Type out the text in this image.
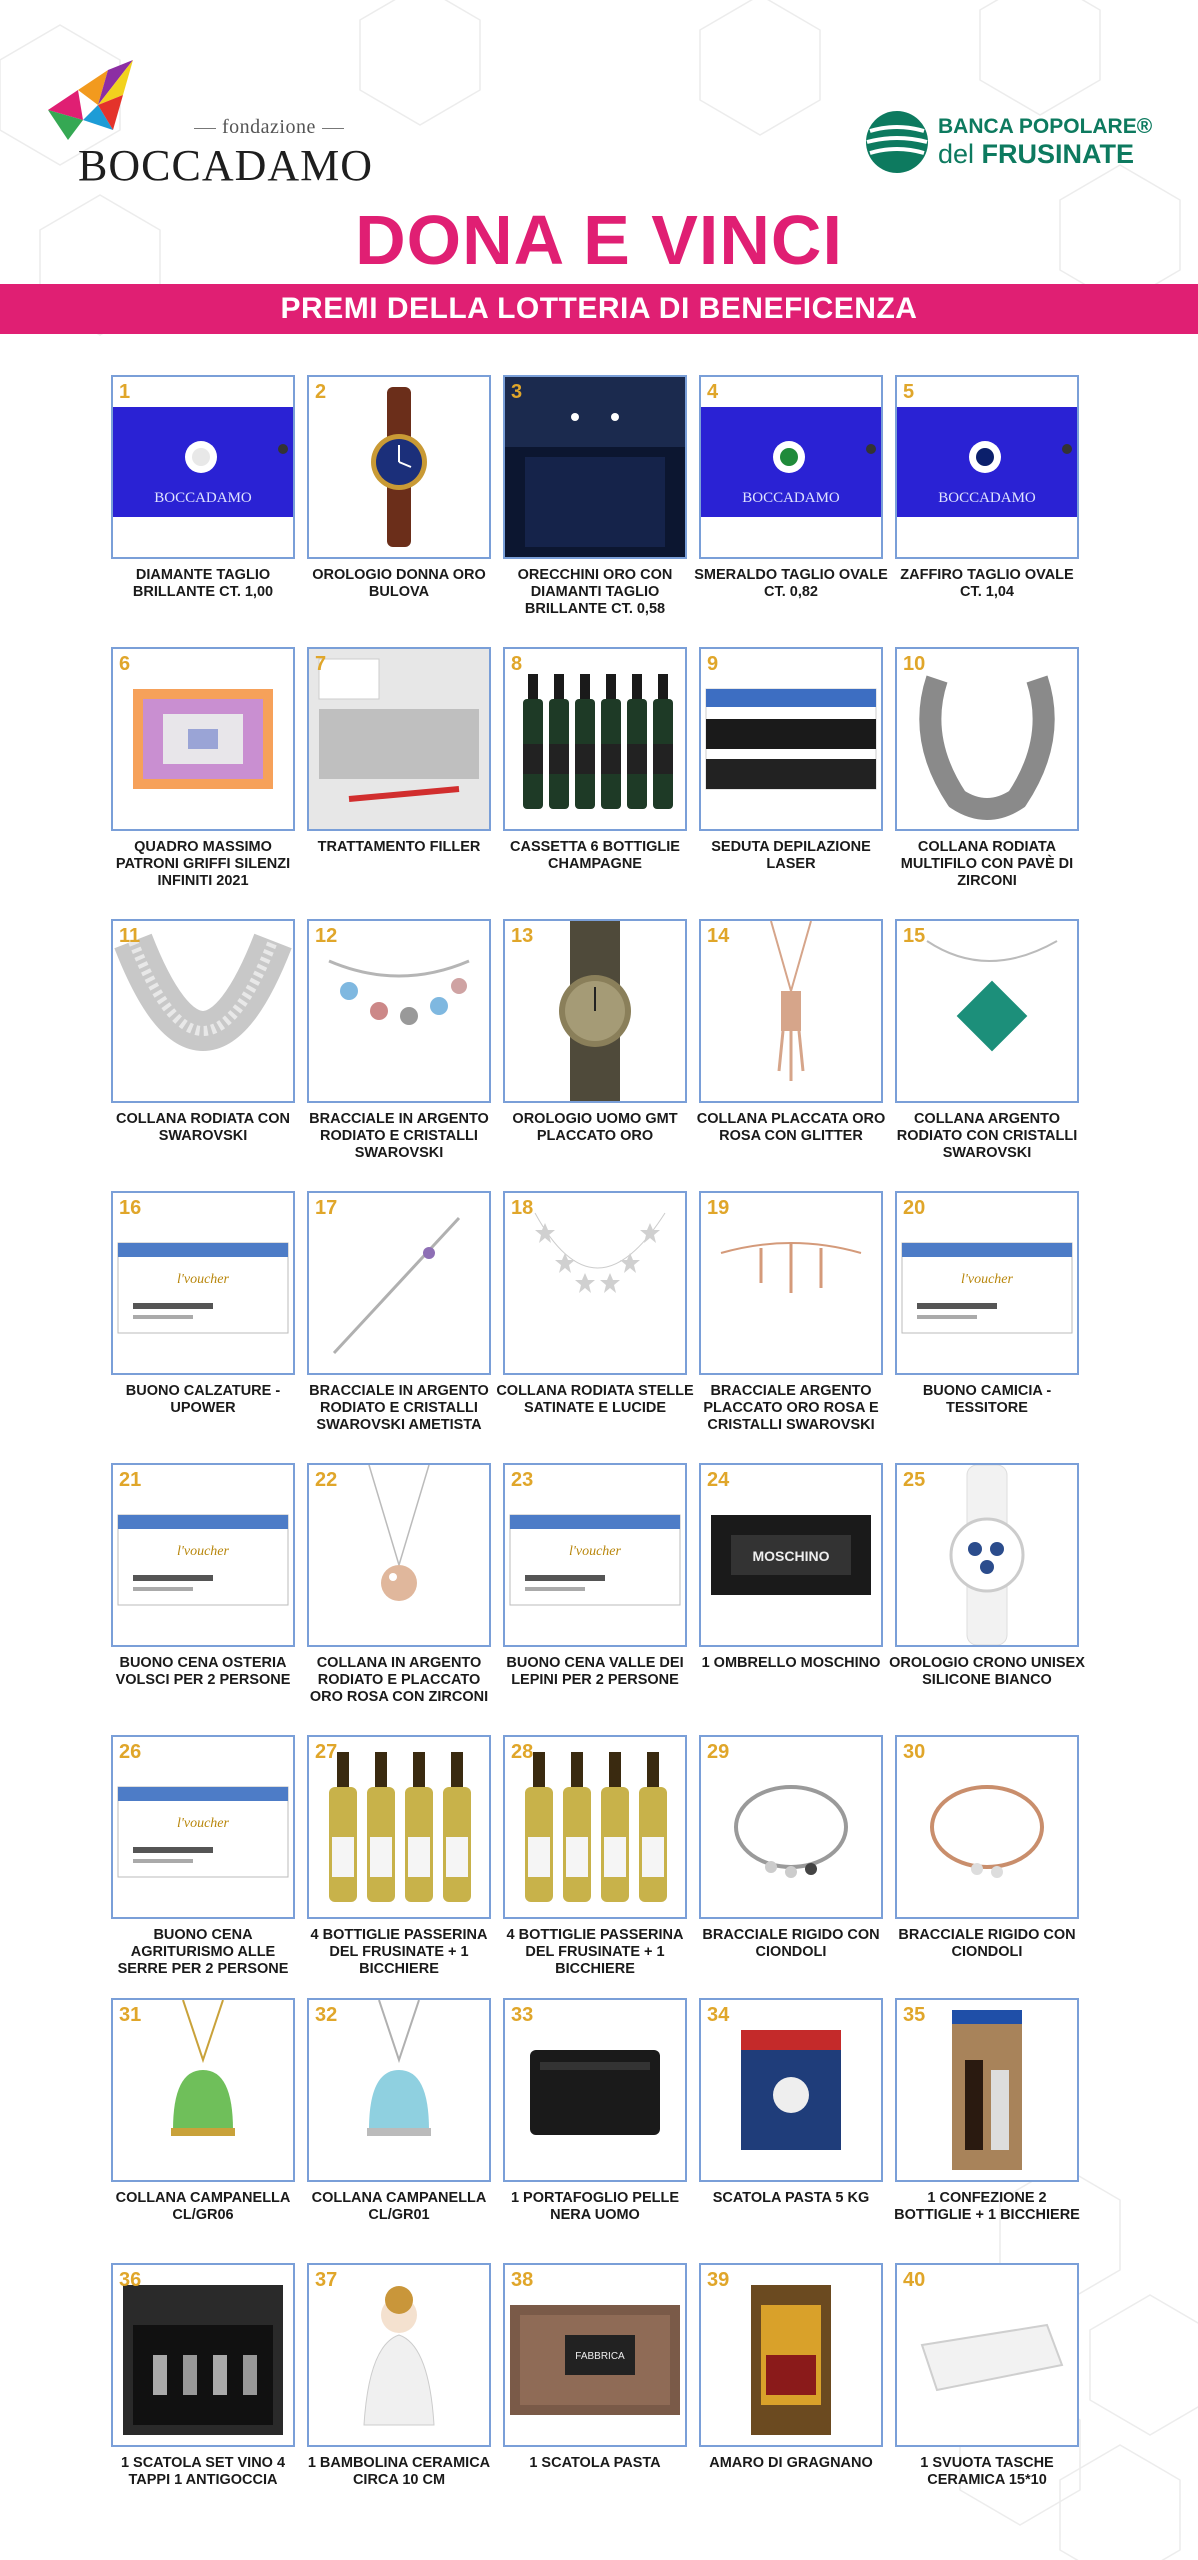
fondazione
BOCCADAMO
BANCA POPOLARE®
del FRUSINATE
DONA E VINCI
PREMI DELLA LOTTERIA DI BENEFICENZA
BOCCADAMO
1
DIAMANTE TAGLIO BRILLANTE CT. 1,00
2
OROLOGIO DONNA ORO BULOVA
3
ORECCHINI ORO CON DIAMANTI TAGLIO BRILLANTE CT. 0,58
BOCCADAMO
4
SMERALDO TAGLIO OVALE CT. 0,82
BOCCADAMO
5
ZAFFIRO TAGLIO OVALE CT. 1,04
6
QUADRO MASSIMO PATRONI GRIFFI SILENZI INFINITI 2021
7
TRATTAMENTO FILLER
8
CASSETTA 6 BOTTIGLIE CHAMPAGNE
9
SEDUTA DEPILAZIONE LASER
10
COLLANA RODIATA MULTIFILO CON PAVÈ DI ZIRCONI
11
COLLANA RODIATA CON SWAROVSKI
12
BRACCIALE IN ARGENTO RODIATO E CRISTALLI SWAROVSKI
13
OROLOGIO UOMO GMT PLACCATO ORO
14
COLLANA PLACCATA ORO ROSA CON GLITTER
15
COLLANA ARGENTO RODIATO CON CRISTALLI SWAROVSKI
l'voucher
16
BUONO CALZATURE - UPOWER
17
BRACCIALE IN ARGENTO RODIATO E CRISTALLI SWAROVSKI AMETISTA
18
COLLANA RODIATA STELLE SATINATE E LUCIDE
19
BRACCIALE ARGENTO PLACCATO ORO ROSA E CRISTALLI SWAROVSKI
l'voucher
20
BUONO CAMICIA - TESSITORE
l'voucher
21
BUONO CENA OSTERIA VOLSCI PER 2 PERSONE
22
COLLANA IN ARGENTO RODIATO E PLACCATO ORO ROSA CON ZIRCONI
l'voucher
23
BUONO CENA VALLE DEI LEPINI PER 2 PERSONE
MOSCHINO
24
1 OMBRELLO MOSCHINO
25
OROLOGIO CRONO UNISEX SILICONE BIANCO
l'voucher
26
BUONO CENA AGRITURISMO ALLE SERRE PER 2 PERSONE
27
4 BOTTIGLIE PASSERINA DEL FRUSINATE + 1 BICCHIERE
28
4 BOTTIGLIE PASSERINA DEL FRUSINATE + 1 BICCHIERE
29
BRACCIALE RIGIDO CON CIONDOLI
30
BRACCIALE RIGIDO CON CIONDOLI
31
COLLANA CAMPANELLA CL/GR06
32
COLLANA CAMPANELLA CL/GR01
33
1 PORTAFOGLIO PELLE NERA UOMO
34
SCATOLA PASTA 5 KG
35
1 CONFEZIONE 2 BOTTIGLIE + 1 BICCHIERE
36
1 SCATOLA SET VINO 4 TAPPI 1 ANTIGOCCIA
37
1 BAMBOLINA CERAMICA CIRCA 10 CM
FABBRICA
38
1 SCATOLA PASTA
39
AMARO DI GRAGNANO
40
1 SVUOTA TASCHE CERAMICA 15*10
